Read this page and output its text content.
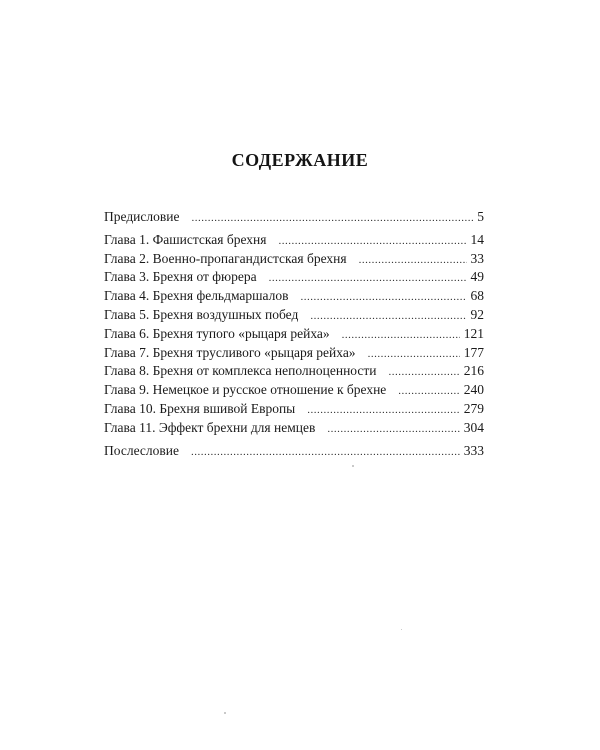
СОДЕРЖАНИЕ
Предисловие .....	5
Глава 1. Фашистская брехня .....	14
Глава 2. Военно-пропагандистская брехня .....	33
Глава 3. Брехня от фюрера .....	49
Глава 4. Брехня фельдмаршалов .....	68
Глава 5. Брехня воздушных побед .....	92
Глава 6. Брехня тупого «рыцаря рейха» .....	121
Глава 7. Брехня трусливого «рыцаря рейха» .....	177
Глава 8. Брехня от комплекса неполноценности .....	216
Глава 9. Немецкое и русское отношение к брехне .....	240
Глава 10. Брехня вшивой Европы .....	279
Глава 11. Эффект брехни для немцев .....	304
Послесловие .....	333
